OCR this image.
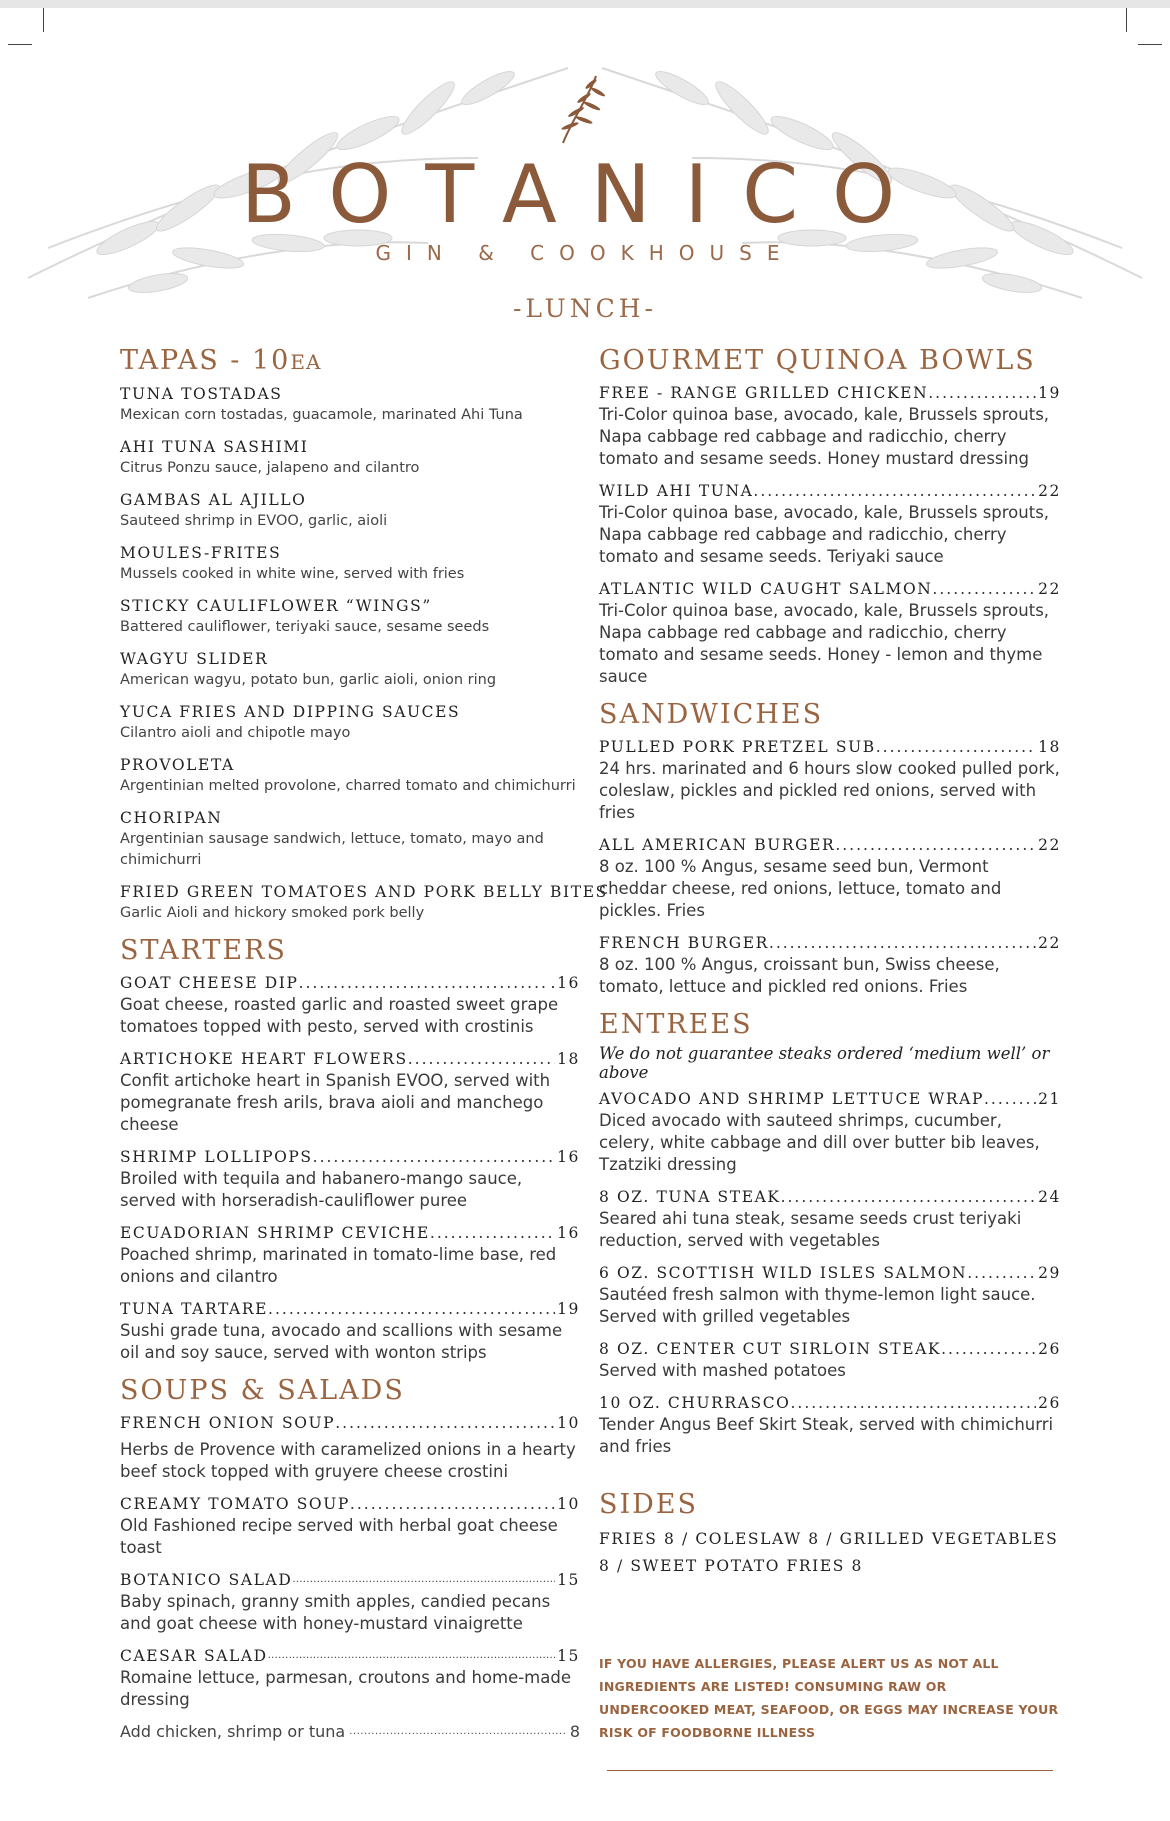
BOTANICO
GIN & COOKHOUSE
-LUNCH-
TAPAS - 10EA
TUNA TOSTADAS
Mexican corn tostadas, guacamole, marinated Ahi Tuna
AHI TUNA SASHIMI
Citrus Ponzu sauce, jalapeno and cilantro
GAMBAS AL AJILLO
Sauteed shrimp in EVOO, garlic, aioli
MOULES-FRITES
Mussels cooked in white wine, served with fries
STICKY CAULIFLOWER “WINGS”
Battered cauliflower, teriyaki sauce, sesame seeds
WAGYU SLIDER
American wagyu, potato bun, garlic aioli, onion ring
YUCA FRIES AND DIPPING SAUCES
Cilantro aioli and chipotle mayo
PROVOLETA
Argentinian melted provolone, charred tomato and chimichurri
CHORIPAN
Argentinian sausage sandwich, lettuce, tomato, mayo and chimichurri
FRIED GREEN TOMATOES AND PORK BELLY BITES
Garlic Aioli and hickory smoked pork belly
STARTERS
GOAT CHEESE DIP .....	.16
Goat cheese, roasted garlic and roasted sweet grape tomatoes topped with pesto, served with crostinis
ARTICHOKE HEART FLOWERS .....	18
Confit artichoke heart in Spanish EVOO, served with pomegranate fresh arils, brava aioli and manchego cheese
SHRIMP LOLLIPOPS .....	16
Broiled with tequila and habanero-mango sauce, served with horseradish-cauliflower puree
ECUADORIAN SHRIMP CEVICHE .....	16
Poached shrimp, marinated in tomato-lime base, red onions and cilantro
TUNA TARTARE .....	19
Sushi grade tuna, avocado and scallions with sesame oil and soy sauce, served with wonton strips
SOUPS & SALADS
FRENCH ONION SOUP .....	10
Herbs de Provence with caramelized onions in a hearty beef stock topped with gruyere cheese crostini
CREAMY TOMATO SOUP .....	10
Old Fashioned recipe served with herbal goat cheese toast
BOTANICO SALAD .....	15
Baby spinach, granny smith apples, candied pecans and goat cheese with honey-mustard vinaigrette
CAESAR SALAD .....	15
Romaine lettuce, parmesan, croutons and home-made dressing
Add chicken, shrimp or tuna .....	8
GOURMET QUINOA BOWLS
FREE - RANGE GRILLED CHICKEN .....	19
Tri-Color quinoa base, avocado, kale, Brussels sprouts, Napa cabbage red cabbage and radicchio, cherry tomato and sesame seeds. Honey mustard dressing
WILD AHI TUNA .....	22
Tri-Color quinoa base, avocado, kale, Brussels sprouts, Napa cabbage red cabbage and radicchio, cherry tomato and sesame seeds. Teriyaki sauce
ATLANTIC WILD CAUGHT SALMON .....	22
Tri-Color quinoa base, avocado, kale, Brussels sprouts, Napa cabbage red cabbage and radicchio, cherry tomato and sesame seeds. Honey - lemon and thyme sauce
SANDWICHES
PULLED PORK PRETZEL SUB .....	18
24 hrs. marinated and 6 hours slow cooked pulled pork, coleslaw, pickles and pickled red onions, served with fries
ALL AMERICAN BURGER .....	22
8 oz. 100 % Angus, sesame seed bun, Vermont cheddar cheese, red onions, lettuce, tomato and pickles. Fries
FRENCH BURGER .....	22
8 oz. 100 % Angus, croissant bun, Swiss cheese, tomato, lettuce and pickled red onions. Fries
ENTREES
We do not guarantee steaks ordered ‘medium well’ or above
AVOCADO AND SHRIMP LETTUCE WRAP .....	21
Diced avocado with sauteed shrimps, cucumber, celery, white cabbage and dill over butter bib leaves, Tzatziki dressing
8 OZ. TUNA STEAK .....	24
Seared ahi tuna steak, sesame seeds crust teriyaki reduction, served with vegetables
6 OZ. SCOTTISH WILD ISLES SALMON .....	29
Sautéed fresh salmon with thyme-lemon light sauce. Served with grilled vegetables
8 OZ. CENTER CUT SIRLOIN STEAK .....	26
Served with mashed potatoes
10 OZ. CHURRASCO .....	26
Tender Angus Beef Skirt Steak, served with chimichurri and fries
SIDES
FRIES 8 / COLESLAW 8 / GRILLED VEGETABLES 8 / SWEET POTATO FRIES 8
IF YOU HAVE ALLERGIES, PLEASE ALERT US AS NOT ALL INGREDIENTS ARE LISTED! CONSUMING RAW OR UNDERCOOKED MEAT, SEAFOOD, OR EGGS MAY INCREASE YOUR RISK OF FOODBORNE ILLNESS
